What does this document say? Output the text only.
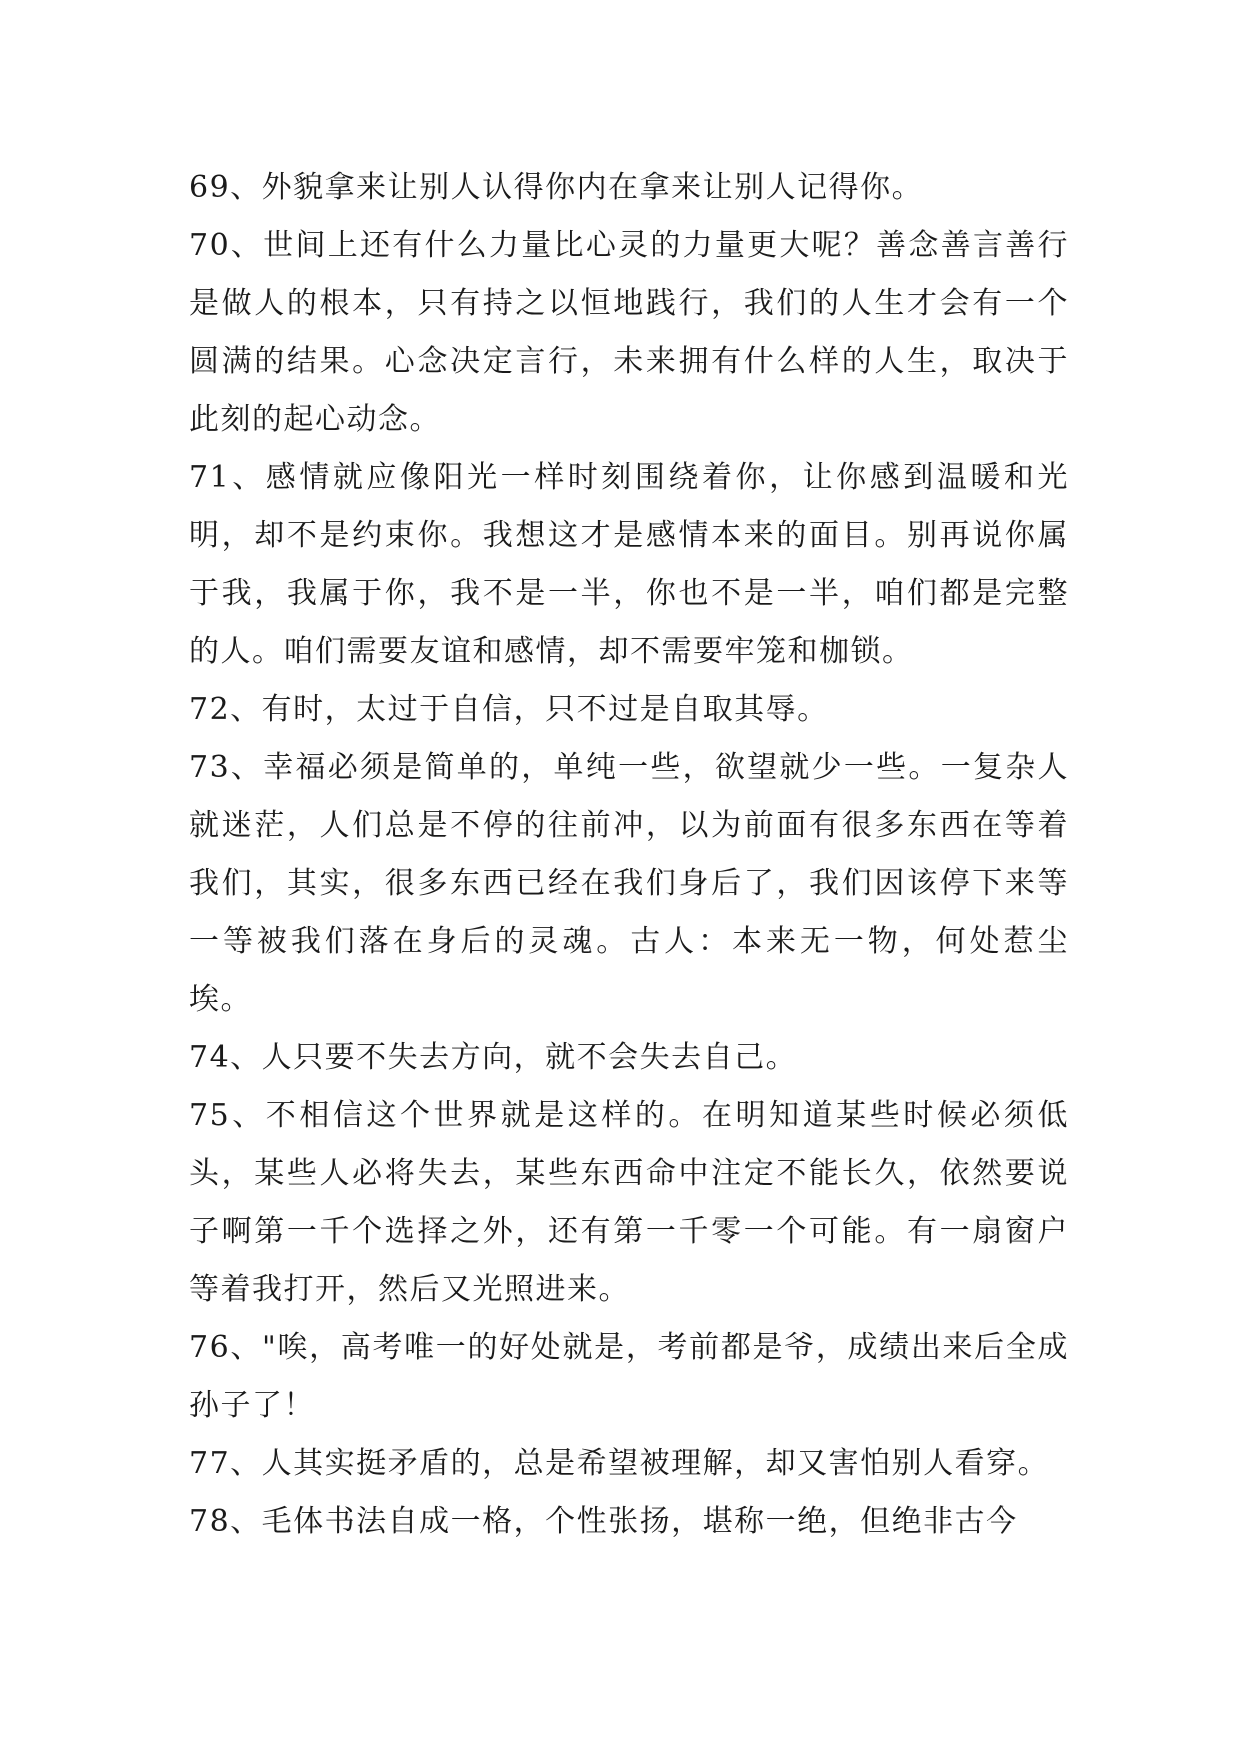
69、外貌拿来让别人认得你内在拿来让别人记得你。

70、世间上还有什么力量比心灵的力量更大呢？善念善言善行是做人的根本，只有持之以恒地践行，我们的人生才会有一个圆满的结果。心念决定言行，未来拥有什么样的人生，取决于此刻的起心动念。

71、感情就应像阳光一样时刻围绕着你，让你感到温暖和光明，却不是约束你。我想这才是感情本来的面目。别再说你属于我，我属于你，我不是一半，你也不是一半，咱们都是完整的人。咱们需要友谊和感情，却不需要牢笼和枷锁。

72、有时，太过于自信，只不过是自取其辱。

73、幸福必须是简单的，单纯一些，欲望就少一些。一复杂人就迷茫，人们总是不停的往前冲，以为前面有很多东西在等着我们，其实，很多东西已经在我们身后了，我们因该停下来等一等被我们落在身后的灵魂。古人：本来无一物，何处惹尘埃。

74、人只要不失去方向，就不会失去自己。

75、不相信这个世界就是这样的。在明知道某些时候必须低头，某些人必将失去，某些东西命中注定不能长久，依然要说子啊第一千个选择之外，还有第一千零一个可能。有一扇窗户等着我打开，然后又光照进来。

76、"唉，高考唯一的好处就是，考前都是爷，成绩出来后全成孙子了！

77、人其实挺矛盾的，总是希望被理解，却又害怕别人看穿。

78、毛体书法自成一格，个性张扬，堪称一绝，但绝非古今
